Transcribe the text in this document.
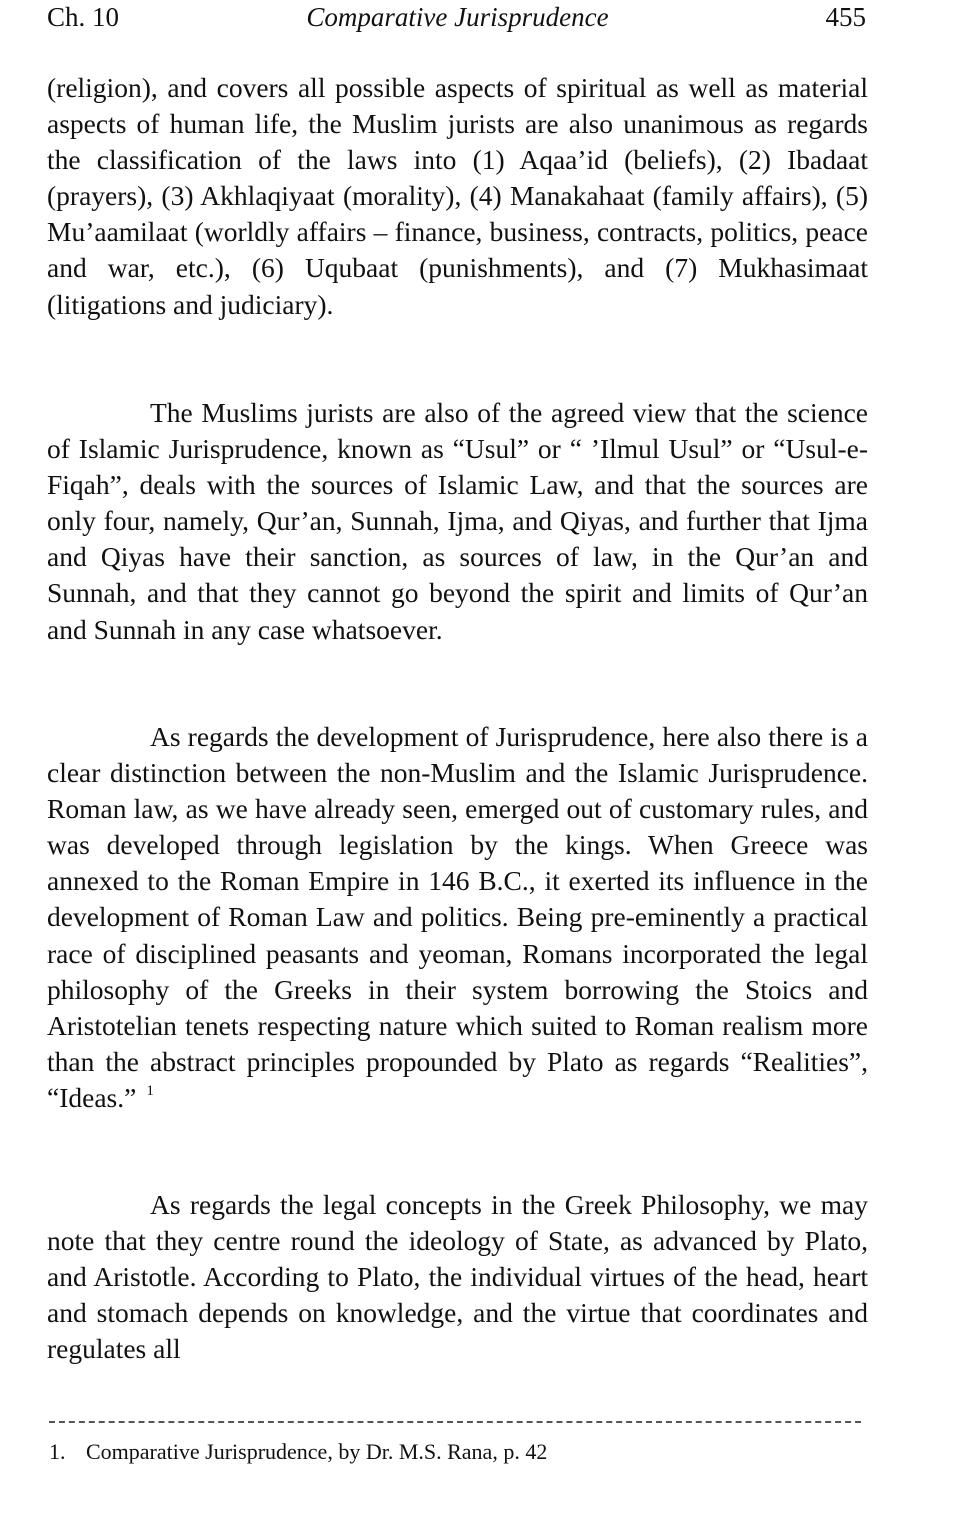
Comparative Jurisprudence
Ch. 10	455

(religion), and covers all possible aspects of spiritual as well as material aspects of human life, the Muslim jurists are also unanimous as regards the classification of the laws into (1) Aqaa’id (beliefs), (2) Ibadaat (prayers), (3) Akhlaqiyaat (morality), (4) Manakahaat (family affairs), (5) Mu’aamilaat (worldly affairs – finance, business, contracts, politics, peace and war, etc.), (6) Uqubaat (punishments), and (7) Mukhasimaat (litigations and judiciary).

The Muslims jurists are also of the agreed view that the science of Islamic Jurisprudence, known as “Usul” or “ ’Ilmul Usul” or “Usul-e-Fiqah”, deals with the sources of Islamic Law, and that the sources are only four, namely, Qur’an, Sunnah, Ijma, and Qiyas, and further that Ijma and Qiyas have their sanction, as sources of law, in the Qur’an and Sunnah, and that they cannot go beyond the spirit and limits of Qur’an and Sunnah in any case whatsoever.

As regards the development of Jurisprudence, here also there is a clear distinction between the non-Muslim and the Islamic Jurisprudence. Roman law, as we have already seen, emerged out of customary rules, and was developed through legislation by the kings. When Greece was annexed to the Roman Empire in 146 B.C., it exerted its influence in the development of Roman Law and politics. Being pre-eminently a practical race of disciplined peasants and yeoman, Romans incorporated the legal philosophy of the Greeks in their system borrowing the Stoics and Aristotelian tenets respecting nature which suited to Roman realism more than the abstract principles propounded by Plato as regards “Realities”, “Ideas.” $^1$

As regards the legal concepts in the Greek Philosophy, we may note that they centre round the ideology of State, as advanced by Plato, and Aristotle. According to Plato, the individual virtues of the head, heart and stomach depends on knowledge, and the virtue that coordinates and regulates all

1. Comparative Jurisprudence, by Dr. M.S. Rana, p. 42
